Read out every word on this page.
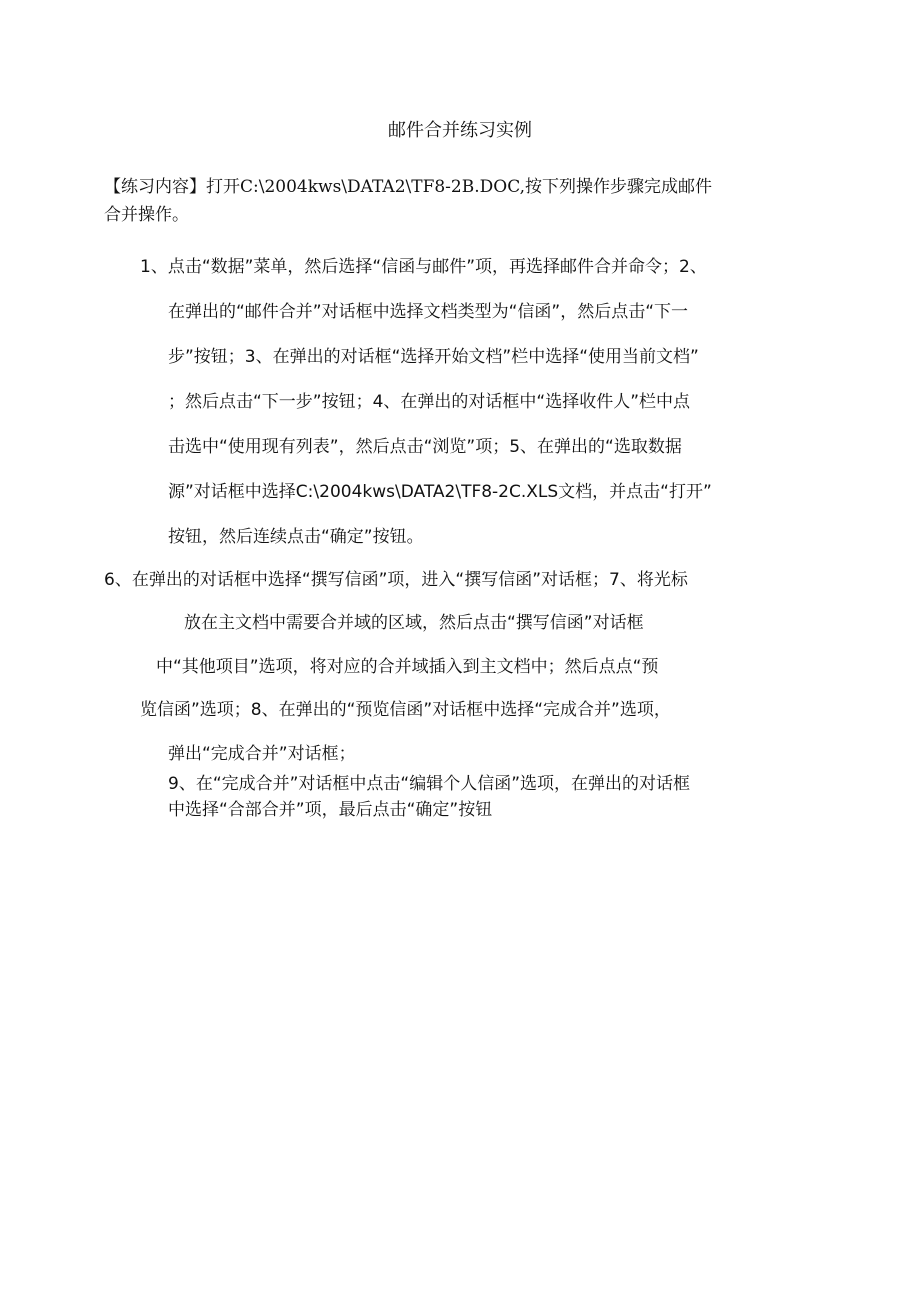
邮件合并练习实例
【练习内容】打开C:\2004kws\DATA2\TF8-2B.DOC,按下列操作步骤完成邮件
合并操作。
1、点击“数据”菜单，然后选择“信函与邮件”项，再选择邮件合并命令；2、
在弹出的“邮件合并”对话框中选择文档类型为“信函”，然后点击“下一
步”按钮；3、在弹出的对话框“选择开始文档”栏中选择“使用当前文档”
；然后点击“下一步”按钮；4、在弹出的对话框中“选择收件人”栏中点
击选中“使用现有列表”，然后点击“浏览”项；5、在弹出的“选取数据
源”对话框中选择C:\2004kws\DATA2\TF8-2C.XLS文档，并点击“打开”
按钮，然后连续点击“确定”按钮。
6、在弹出的对话框中选择“撰写信函”项，进入“撰写信函”对话框；7、将光标
放在主文档中需要合并域的区域，然后点击“撰写信函”对话框
中“其他项目”选项，将对应的合并域插入到主文档中；然后点点“预
览信函”选项；8、在弹出的“预览信函”对话框中选择“完成合并”选项，
弹出“完成合并”对话框；
9、在“完成合并”对话框中点击“编辑个人信函”选项，在弹出的对话框
中选择“合部合并”项，最后点击“确定”按钮
